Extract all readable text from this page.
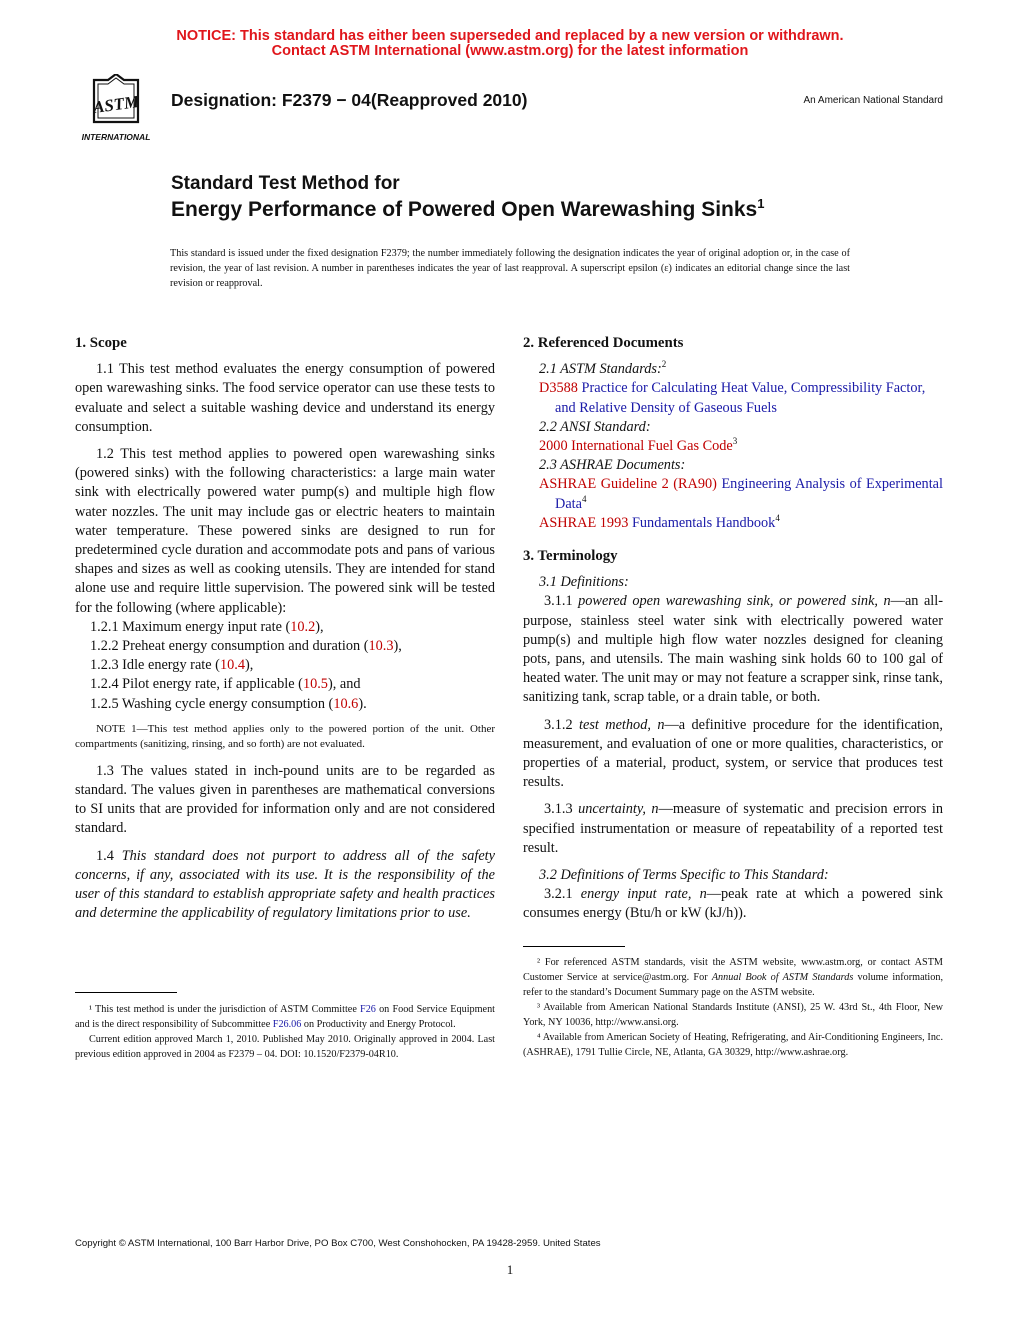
NOTICE: This standard has either been superseded and replaced by a new version or withdrawn.
Contact ASTM International (www.astm.org) for the latest information
ASTM
INTERNATIONAL
Designation: F2379 − 04(Reapproved 2010)	An American National Standard
Standard Test Method for
Energy Performance of Powered Open Warewashing Sinks$^1$
This standard is issued under the fixed designation F2379; the number immediately following the designation indicates the year of original adoption or, in the case of revision, the year of last revision. A number in parentheses indicates the year of last reapproval. A superscript epsilon (ε) indicates an editorial change since the last revision or reapproval.
1. Scope
1.1 This test method evaluates the energy consumption of powered open warewashing sinks. The food service operator can use these tests to evaluate and select a suitable washing device and understand its energy consumption.
1.2 This test method applies to powered open warewashing sinks (powered sinks) with the following characteristics: a large main water sink with electrically powered water pump(s) and multiple high flow water nozzles. The unit may include gas or electric heaters to maintain water temperature. These powered sinks are designed to run for predetermined cycle duration and accommodate pots and pans of various shapes and sizes as well as cooking utensils. They are intended for stand alone use and require little supervision. The powered sink will be tested for the following (where applicable):
1.2.1 Maximum energy input rate (10.2),
1.2.2 Preheat energy consumption and duration (10.3),
1.2.3 Idle energy rate (10.4),
1.2.4 Pilot energy rate, if applicable (10.5), and
1.2.5 Washing cycle energy consumption (10.6).
NOTE 1—This test method applies only to the powered portion of the unit. Other compartments (sanitizing, rinsing, and so forth) are not evaluated.
1.3 The values stated in inch-pound units are to be regarded as standard. The values given in parentheses are mathematical conversions to SI units that are provided for information only and are not considered standard.
1.4 This standard does not purport to address all of the safety concerns, if any, associated with its use. It is the responsibility of the user of this standard to establish appropriate safety and health practices and determine the applicability of regulatory limitations prior to use.
¹ This test method is under the jurisdiction of ASTM Committee F26 on Food Service Equipment and is the direct responsibility of Subcommittee F26.06 on Productivity and Energy Protocol.
Current edition approved March 1, 2010. Published May 2010. Originally approved in 2004. Last previous edition approved in 2004 as F2379 – 04. DOI: 10.1520/F2379-04R10.
2. Referenced Documents
2.1 ASTM Standards:$^2$
D3588 Practice for Calculating Heat Value, Compressibility Factor, and Relative Density of Gaseous Fuels
2.2 ANSI Standard:
2000 International Fuel Gas Code$^3$
2.3 ASHRAE Documents:
ASHRAE Guideline 2 (RA90) Engineering Analysis of Experimental Data$^4$
ASHRAE 1993 Fundamentals Handbook$^4$
3. Terminology
3.1 Definitions:
3.1.1 powered open warewashing sink, or powered sink, n—an all-purpose, stainless steel water sink with electrically powered water pump(s) and multiple high flow water nozzles designed for cleaning pots, pans, and utensils. The main washing sink holds 60 to 100 gal of heated water. The unit may or may not feature a scrapper sink, rinse tank, sanitizing tank, scrap table, or a drain table, or both.
3.1.2 test method, n—a definitive procedure for the identification, measurement, and evaluation of one or more qualities, characteristics, or properties of a material, product, system, or service that produces test results.
3.1.3 uncertainty, n—measure of systematic and precision errors in specified instrumentation or measure of repeatability of a reported test result.
3.2 Definitions of Terms Specific to This Standard:
3.2.1 energy input rate, n—peak rate at which a powered sink consumes energy (Btu/h or kW (kJ/h)).
² For referenced ASTM standards, visit the ASTM website, www.astm.org, or contact ASTM Customer Service at service@astm.org. For Annual Book of ASTM Standards volume information, refer to the standard’s Document Summary page on the ASTM website.
³ Available from American National Standards Institute (ANSI), 25 W. 43rd St., 4th Floor, New York, NY 10036, http://www.ansi.org.
⁴ Available from American Society of Heating, Refrigerating, and Air-Conditioning Engineers, Inc. (ASHRAE), 1791 Tullie Circle, NE, Atlanta, GA 30329, http://www.ashrae.org.
Copyright © ASTM International, 100 Barr Harbor Drive, PO Box C700, West Conshohocken, PA 19428-2959. United States
1
